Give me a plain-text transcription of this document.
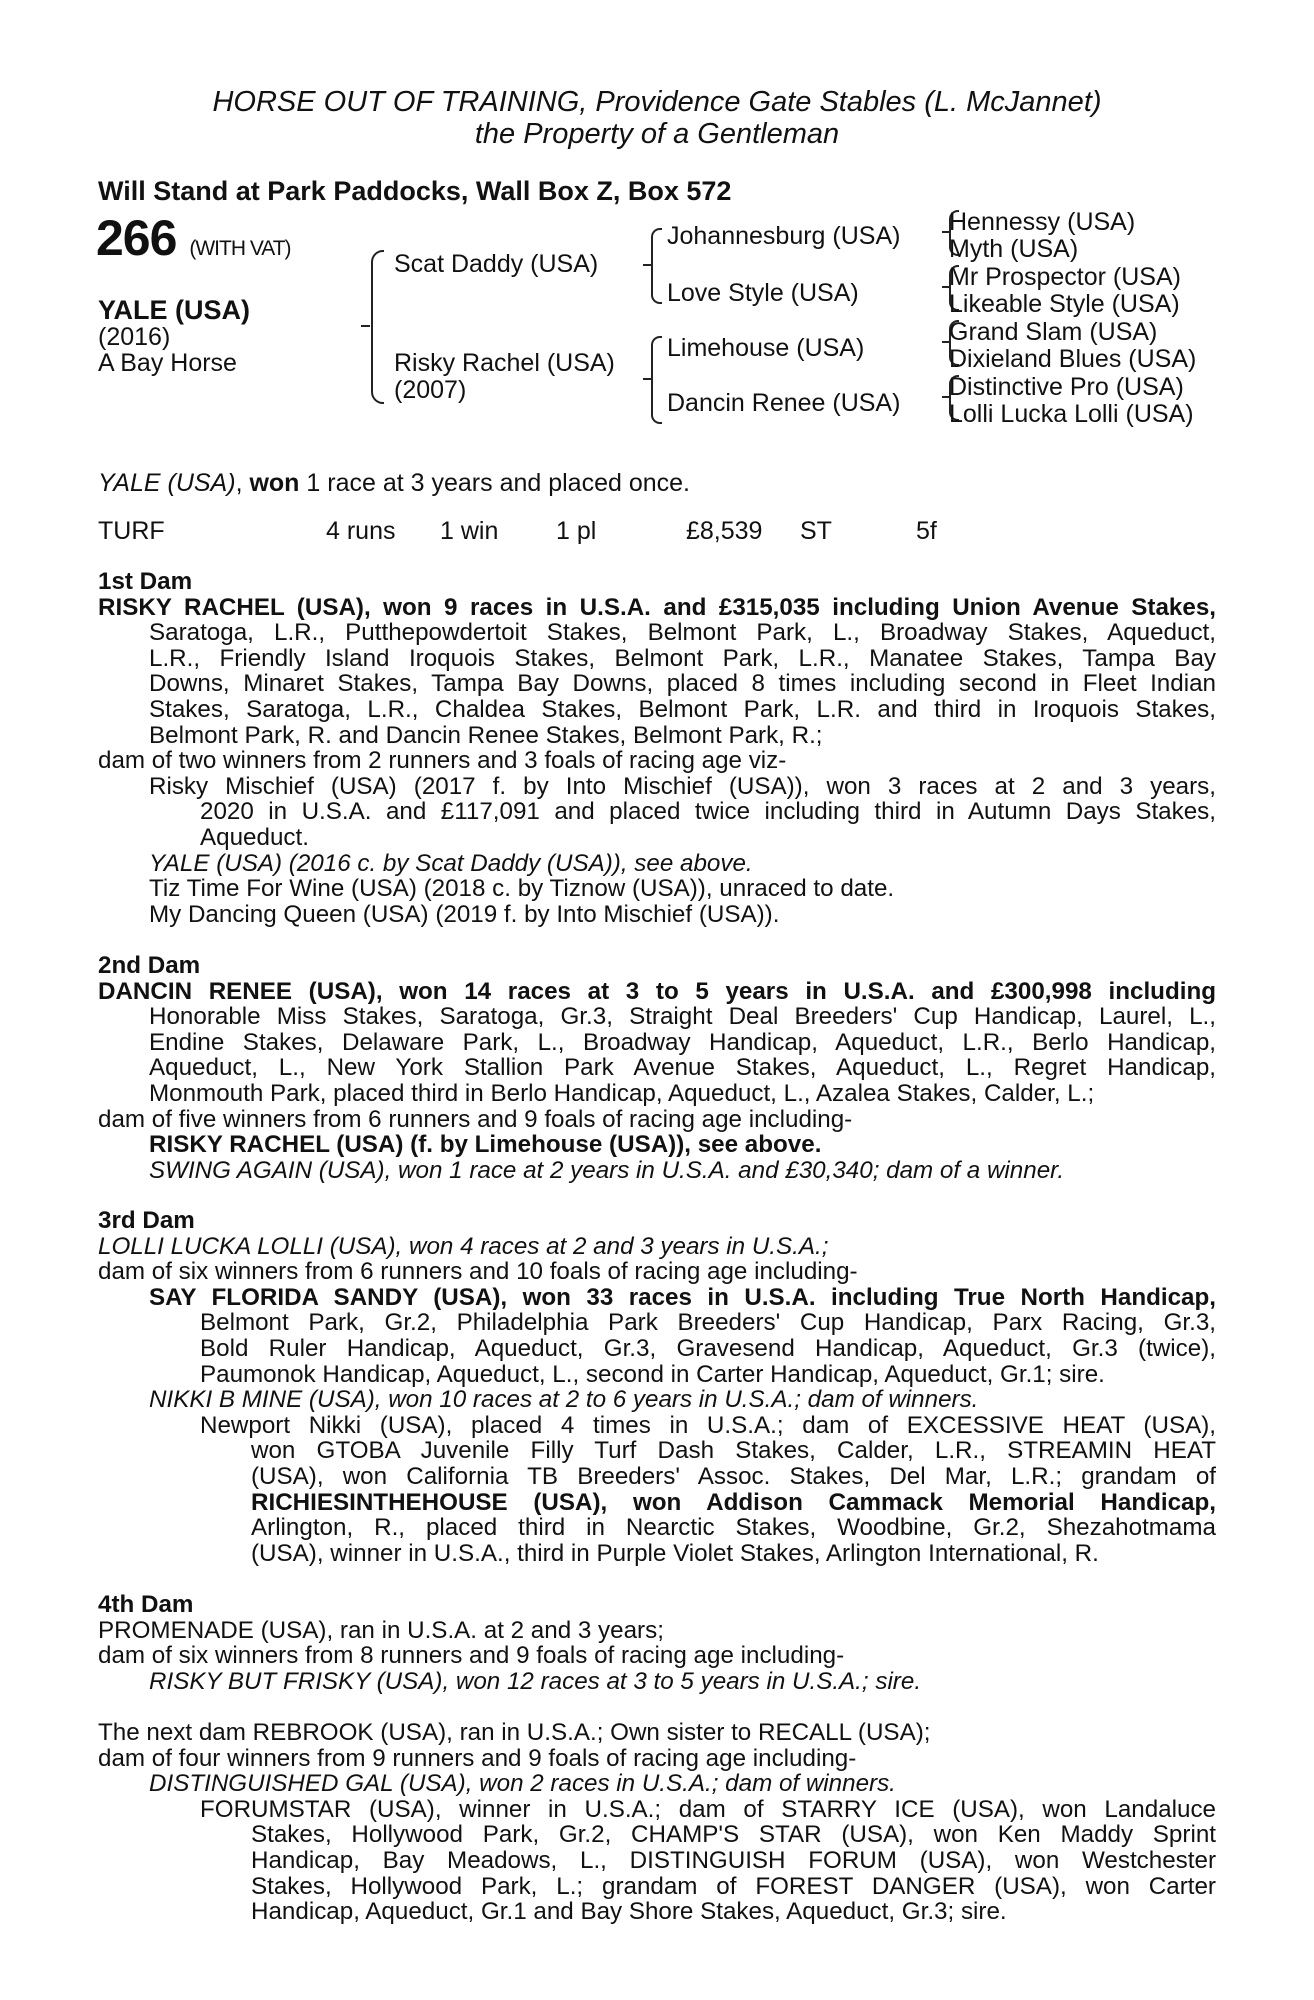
HORSE OUT OF TRAINING, Providence Gate Stables (L. McJannet)
the Property of a Gentleman
Will Stand at Park Paddocks, Wall Box Z, Box 572
266 (WITH VAT)
YALE (USA)
(2016)
A Bay Horse
Scat Daddy (USA)
Risky Rachel (USA)
(2007)
Johannesburg (USA)
Love Style (USA)
Limehouse (USA)
Dancin Renee (USA)
Hennessy (USA)
Myth (USA)
Mr Prospector (USA)
Likeable Style (USA)
Grand Slam (USA)
Dixieland Blues (USA)
Distinctive Pro (USA)
Lolli Lucka Lolli (USA)
YALE (USA), won 1 race at 3 years and placed once.
TURF	4 runs 1 win 1 pl	£8,539 ST	5f

1st Dam

RISKY RACHEL (USA), won 9 races in U.S.A. and £315,035 including Union Avenue Stakes,

Saratoga, L.R., Putthepowdertoit Stakes, Belmont Park, L., Broadway Stakes, Aqueduct,

L.R., Friendly Island Iroquois Stakes, Belmont Park, L.R., Manatee Stakes, Tampa Bay

Downs, Minaret Stakes, Tampa Bay Downs, placed 8 times including second in Fleet Indian

Stakes, Saratoga, L.R., Chaldea Stakes, Belmont Park, L.R. and third in Iroquois Stakes,

Belmont Park, R. and Dancin Renee Stakes, Belmont Park, R.;

dam of two winners from 2 runners and 3 foals of racing age viz-

Risky Mischief (USA) (2017 f. by Into Mischief (USA)), won 3 races at 2 and 3 years,

2020 in U.S.A. and £117,091 and placed twice including third in Autumn Days Stakes,

Aqueduct.

YALE (USA) (2016 c. by Scat Daddy (USA)), see above.

Tiz Time For Wine (USA) (2018 c. by Tiznow (USA)), unraced to date.

My Dancing Queen (USA) (2019 f. by Into Mischief (USA)).

2nd Dam

DANCIN RENEE (USA), won 14 races at 3 to 5 years in U.S.A. and £300,998 including

Honorable Miss Stakes, Saratoga, Gr.3, Straight Deal Breeders' Cup Handicap, Laurel, L.,

Endine Stakes, Delaware Park, L., Broadway Handicap, Aqueduct, L.R., Berlo Handicap,

Aqueduct, L., New York Stallion Park Avenue Stakes, Aqueduct, L., Regret Handicap,

Monmouth Park, placed third in Berlo Handicap, Aqueduct, L., Azalea Stakes, Calder, L.;

dam of five winners from 6 runners and 9 foals of racing age including-

RISKY RACHEL (USA) (f. by Limehouse (USA)), see above.

SWING AGAIN (USA), won 1 race at 2 years in U.S.A. and £30,340; dam of a winner.

3rd Dam

LOLLI LUCKA LOLLI (USA), won 4 races at 2 and 3 years in U.S.A.;

dam of six winners from 6 runners and 10 foals of racing age including-

SAY FLORIDA SANDY (USA), won 33 races in U.S.A. including True North Handicap,

Belmont Park, Gr.2, Philadelphia Park Breeders' Cup Handicap, Parx Racing, Gr.3,

Bold Ruler Handicap, Aqueduct, Gr.3, Gravesend Handicap, Aqueduct, Gr.3 (twice),

Paumonok Handicap, Aqueduct, L., second in Carter Handicap, Aqueduct, Gr.1; sire.

NIKKI B MINE (USA), won 10 races at 2 to 6 years in U.S.A.; dam of winners.

Newport Nikki (USA), placed 4 times in U.S.A.; dam of EXCESSIVE HEAT (USA),

won GTOBA Juvenile Filly Turf Dash Stakes, Calder, L.R., STREAMIN HEAT

(USA), won California TB Breeders' Assoc. Stakes, Del Mar, L.R.; grandam of

RICHIESINTHEHOUSE (USA), won Addison Cammack Memorial Handicap,

Arlington, R., placed third in Nearctic Stakes, Woodbine, Gr.2, Shezahotmama

(USA), winner in U.S.A., third in Purple Violet Stakes, Arlington International, R.

4th Dam

PROMENADE (USA), ran in U.S.A. at 2 and 3 years;

dam of six winners from 8 runners and 9 foals of racing age including-

RISKY BUT FRISKY (USA), won 12 races at 3 to 5 years in U.S.A.; sire.

The next dam REBROOK (USA), ran in U.S.A.; Own sister to RECALL (USA);

dam of four winners from 9 runners and 9 foals of racing age including-

DISTINGUISHED GAL (USA), won 2 races in U.S.A.; dam of winners.

FORUMSTAR (USA), winner in U.S.A.; dam of STARRY ICE (USA), won Landaluce

Stakes, Hollywood Park, Gr.2, CHAMP'S STAR (USA), won Ken Maddy Sprint

Handicap, Bay Meadows, L., DISTINGUISH FORUM (USA), won Westchester

Stakes, Hollywood Park, L.; grandam of FOREST DANGER (USA), won Carter

Handicap, Aqueduct, Gr.1 and Bay Shore Stakes, Aqueduct, Gr.3; sire.
